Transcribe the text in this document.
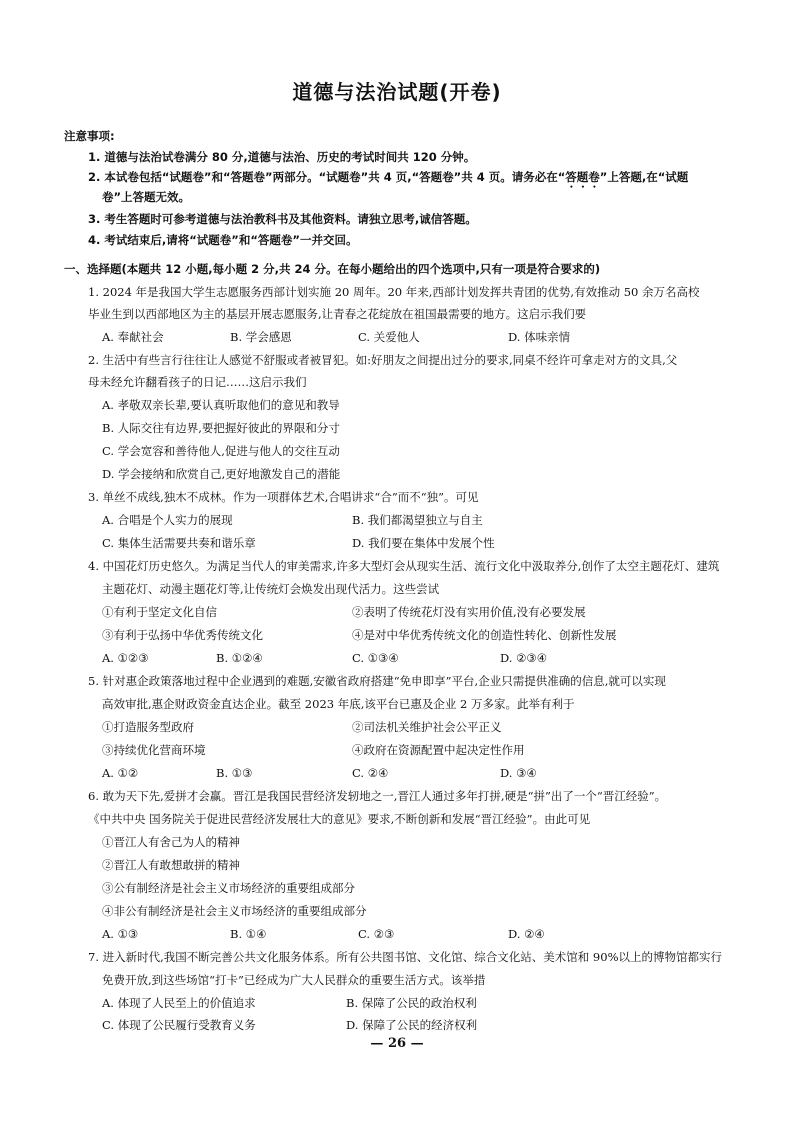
道德与法治试题(开卷)
注意事项:
1. 道德与法治试卷满分 80 分,道德与法治、历史的考试时间共 120 分钟。
2. 本试卷包括“试题卷”和“答题卷”两部分。“试题卷”共 4 页,“答题卷”共 4 页。请务必在“答题卷”上答题,在“试题
卷”上答题无效。
3. 考生答题时可参考道德与法治教科书及其他资料。请独立思考,诚信答题。
4. 考试结束后,请将“试题卷”和“答题卷”一并交回。
一、选择题(本题共 12 小题,每小题 2 分,共 24 分。在每小题给出的四个选项中,只有一项是符合要求的)
1. 2024 年是我国大学生志愿服务西部计划实施 20 周年。20 年来,西部计划发挥共青团的优势,有效推动 50 余万名高校
毕业生到以西部地区为主的基层开展志愿服务,让青春之花绽放在祖国最需要的地方。这启示我们要
A. 奉献社会	B. 学会感恩	C. 关爱他人	D. 体味亲情
2. 生活中有些言行往往让人感觉不舒服或者被冒犯。如:好朋友之间提出过分的要求,同桌不经许可拿走对方的文具,父
母未经允许翻看孩子的日记……这启示我们
A. 孝敬双亲长辈,要认真听取他们的意见和教导
B. 人际交往有边界,要把握好彼此的界限和分寸
C. 学会宽容和善待他人,促进与他人的交往互动
D. 学会接纳和欣赏自己,更好地激发自己的潜能
3. 单丝不成线,独木不成林。作为一项群体艺术,合唱讲求“合”而不“独”。可见
A. 合唱是个人实力的展现	B. 我们都渴望独立与自主
C. 集体生活需要共奏和谐乐章	D. 我们要在集体中发展个性
4. 中国花灯历史悠久。为满足当代人的审美需求,许多大型灯会从现实生活、流行文化中汲取养分,创作了太空主题花灯、建筑
主题花灯、动漫主题花灯等,让传统灯会焕发出现代活力。这些尝试
①有利于坚定文化自信	②表明了传统花灯没有实用价值,没有必要发展
③有利于弘扬中华优秀传统文化	④是对中华优秀传统文化的创造性转化、创新性发展
A. ①②③	B. ①②④	C. ①③④	D. ②③④
5. 针对惠企政策落地过程中企业遇到的难题,安徽省政府搭建“免申即享”平台,企业只需提供准确的信息,就可以实现
高效审批,惠企财政资金直达企业。截至 2023 年底,该平台已惠及企业 2 万多家。此举有利于
①打造服务型政府	②司法机关维护社会公平正义
③持续优化营商环境	④政府在资源配置中起决定性作用
A. ①②	B. ①③	C. ②④	D. ③④
6. 敢为天下先,爱拼才会赢。晋江是我国民营经济发轫地之一,晋江人通过多年打拼,硬是“拼”出了一个“晋江经验”。
《中共中央 国务院关于促进民营经济发展壮大的意见》要求,不断创新和发展“晋江经验”。由此可见
①晋江人有舍己为人的精神
②晋江人有敢想敢拼的精神
③公有制经济是社会主义市场经济的重要组成部分
④非公有制经济是社会主义市场经济的重要组成部分
A. ①③	B. ①④	C. ②③	D. ②④
7. 进入新时代,我国不断完善公共文化服务体系。所有公共图书馆、文化馆、综合文化站、美术馆和 90%以上的博物馆都实行
免费开放,到这些场馆“打卡”已经成为广大人民群众的重要生活方式。该举措
A. 体现了人民至上的价值追求	B. 保障了公民的政治权利
C. 体现了公民履行受教育义务	D. 保障了公民的经济权利
— 26 —
